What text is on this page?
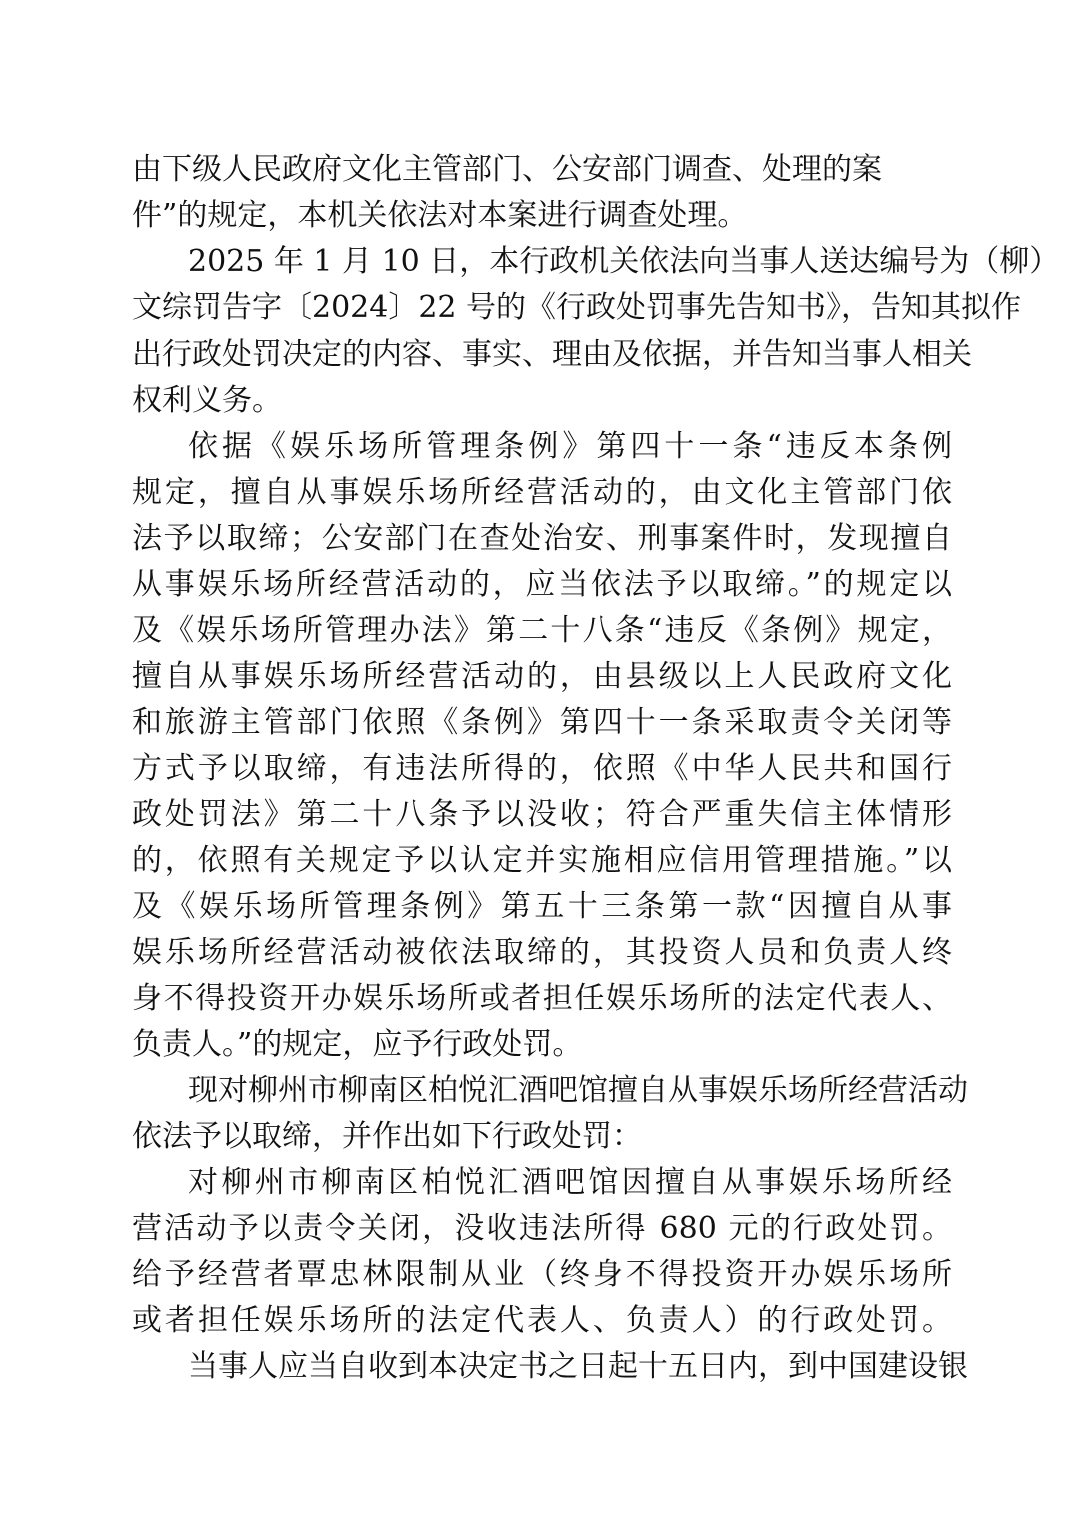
由下级人民政府文化主管部门、公安部门调查、处理的案
件”的规定，本机关依法对本案进行调查处理。
2025 年 1 月 10 日，本行政机关依法向当事人送达编号为（柳）
文综罚告字〔2024〕22 号的《行政处罚事先告知书》，告知其拟作
出行政处罚决定的内容、事实、理由及依据，并告知当事人相关
权利义务。
依据《娱乐场所管理条例》第四十一条“违反本条例
规定，擅自从事娱乐场所经营活动的，由文化主管部门依
法予以取缔；公安部门在查处治安、刑事案件时，发现擅自
从事娱乐场所经营活动的，应当依法予以取缔。”的规定以
及《娱乐场所管理办法》第二十八条“违反《条例》规定，
擅自从事娱乐场所经营活动的，由县级以上人民政府文化
和旅游主管部门依照《条例》第四十一条采取责令关闭等
方式予以取缔，有违法所得的，依照《中华人民共和国行
政处罚法》第二十八条予以没收；符合严重失信主体情形
的，依照有关规定予以认定并实施相应信用管理措施。”以
及《娱乐场所管理条例》第五十三条第一款“因擅自从事
娱乐场所经营活动被依法取缔的，其投资人员和负责人终
身不得投资开办娱乐场所或者担任娱乐场所的法定代表人、
负责人。”的规定，应予行政处罚。
现对柳州市柳南区柏悦汇酒吧馆擅自从事娱乐场所经营活动
依法予以取缔，并作出如下行政处罚：
对柳州市柳南区柏悦汇酒吧馆因擅自从事娱乐场所经
营活动予以责令关闭，没收违法所得 680 元的行政处罚。
给予经营者覃忠林限制从业（终身不得投资开办娱乐场所
或者担任娱乐场所的法定代表人、负责人）的行政处罚。
当事人应当自收到本决定书之日起十五日内，到中国建设银
